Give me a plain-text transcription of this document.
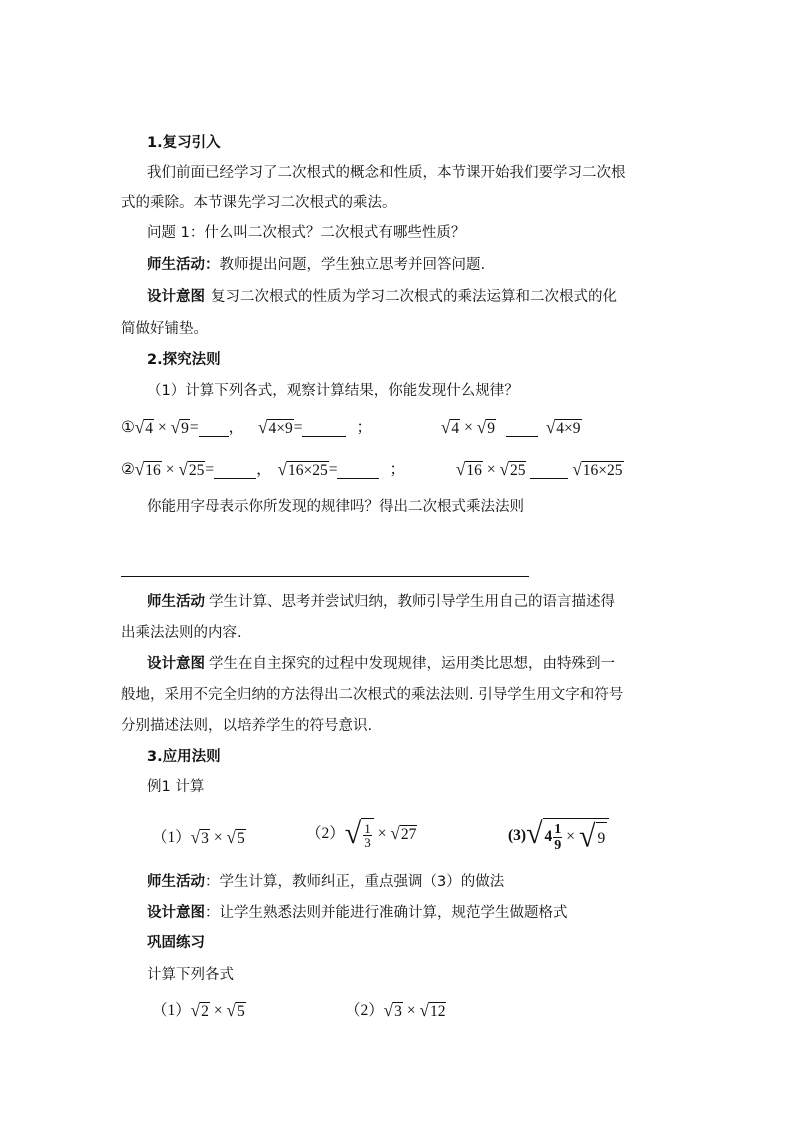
1.复习引入
我们前面已经学习了二次根式的概念和性质，本节课开始我们要学习二次根
式的乘除。本节课先学习二次根式的乘法。
问题 1：什么叫二次根式？二次根式有哪些性质？
师生活动：教师提出问题，学生独立思考并回答问题.
设计意图 复习二次根式的性质为学习二次根式的乘法运算和二次根式的化
简做好铺垫。
2.探究法则
（1）计算下列各式，观察计算结果，你能发现什么规律？
① √ 4 × √ 9 = ， √ 4×9 =	；	√ 4 × √ 9	√ 4×9
② √ 16 × √ 25 =	， √ 16×25 =	；	√ 16 × √ 25	√ 16×25
你能用字母表示你所发现的规律吗？得出二次根式乘法法则
师生活动 学生计算、思考并尝试归纳，教师引导学生用自己的语言描述得
出乘法法则的内容.
设计意图 学生在自主探究的过程中发现规律，运用类比思想，由特殊到一
般地，采用不完全归纳的方法得出二次根式的乘法法则. 引导学生用文字和符号
分别描述法则，以培养学生的符号意识.
3.应用法则
例1 计算
（1） √ 3 × √ 5	（2） √ $\frac{1}{3}$ × √ 27	(3) √ $4 \frac{1}{9}$ × √ 9
师生活动：学生计算，教师纠正，重点强调（3）的做法
设计意图：让学生熟悉法则并能进行准确计算，规范学生做题格式
巩固练习
计算下列各式
（1） √ 2 × √ 5	（2） √ 3 × √ 12
